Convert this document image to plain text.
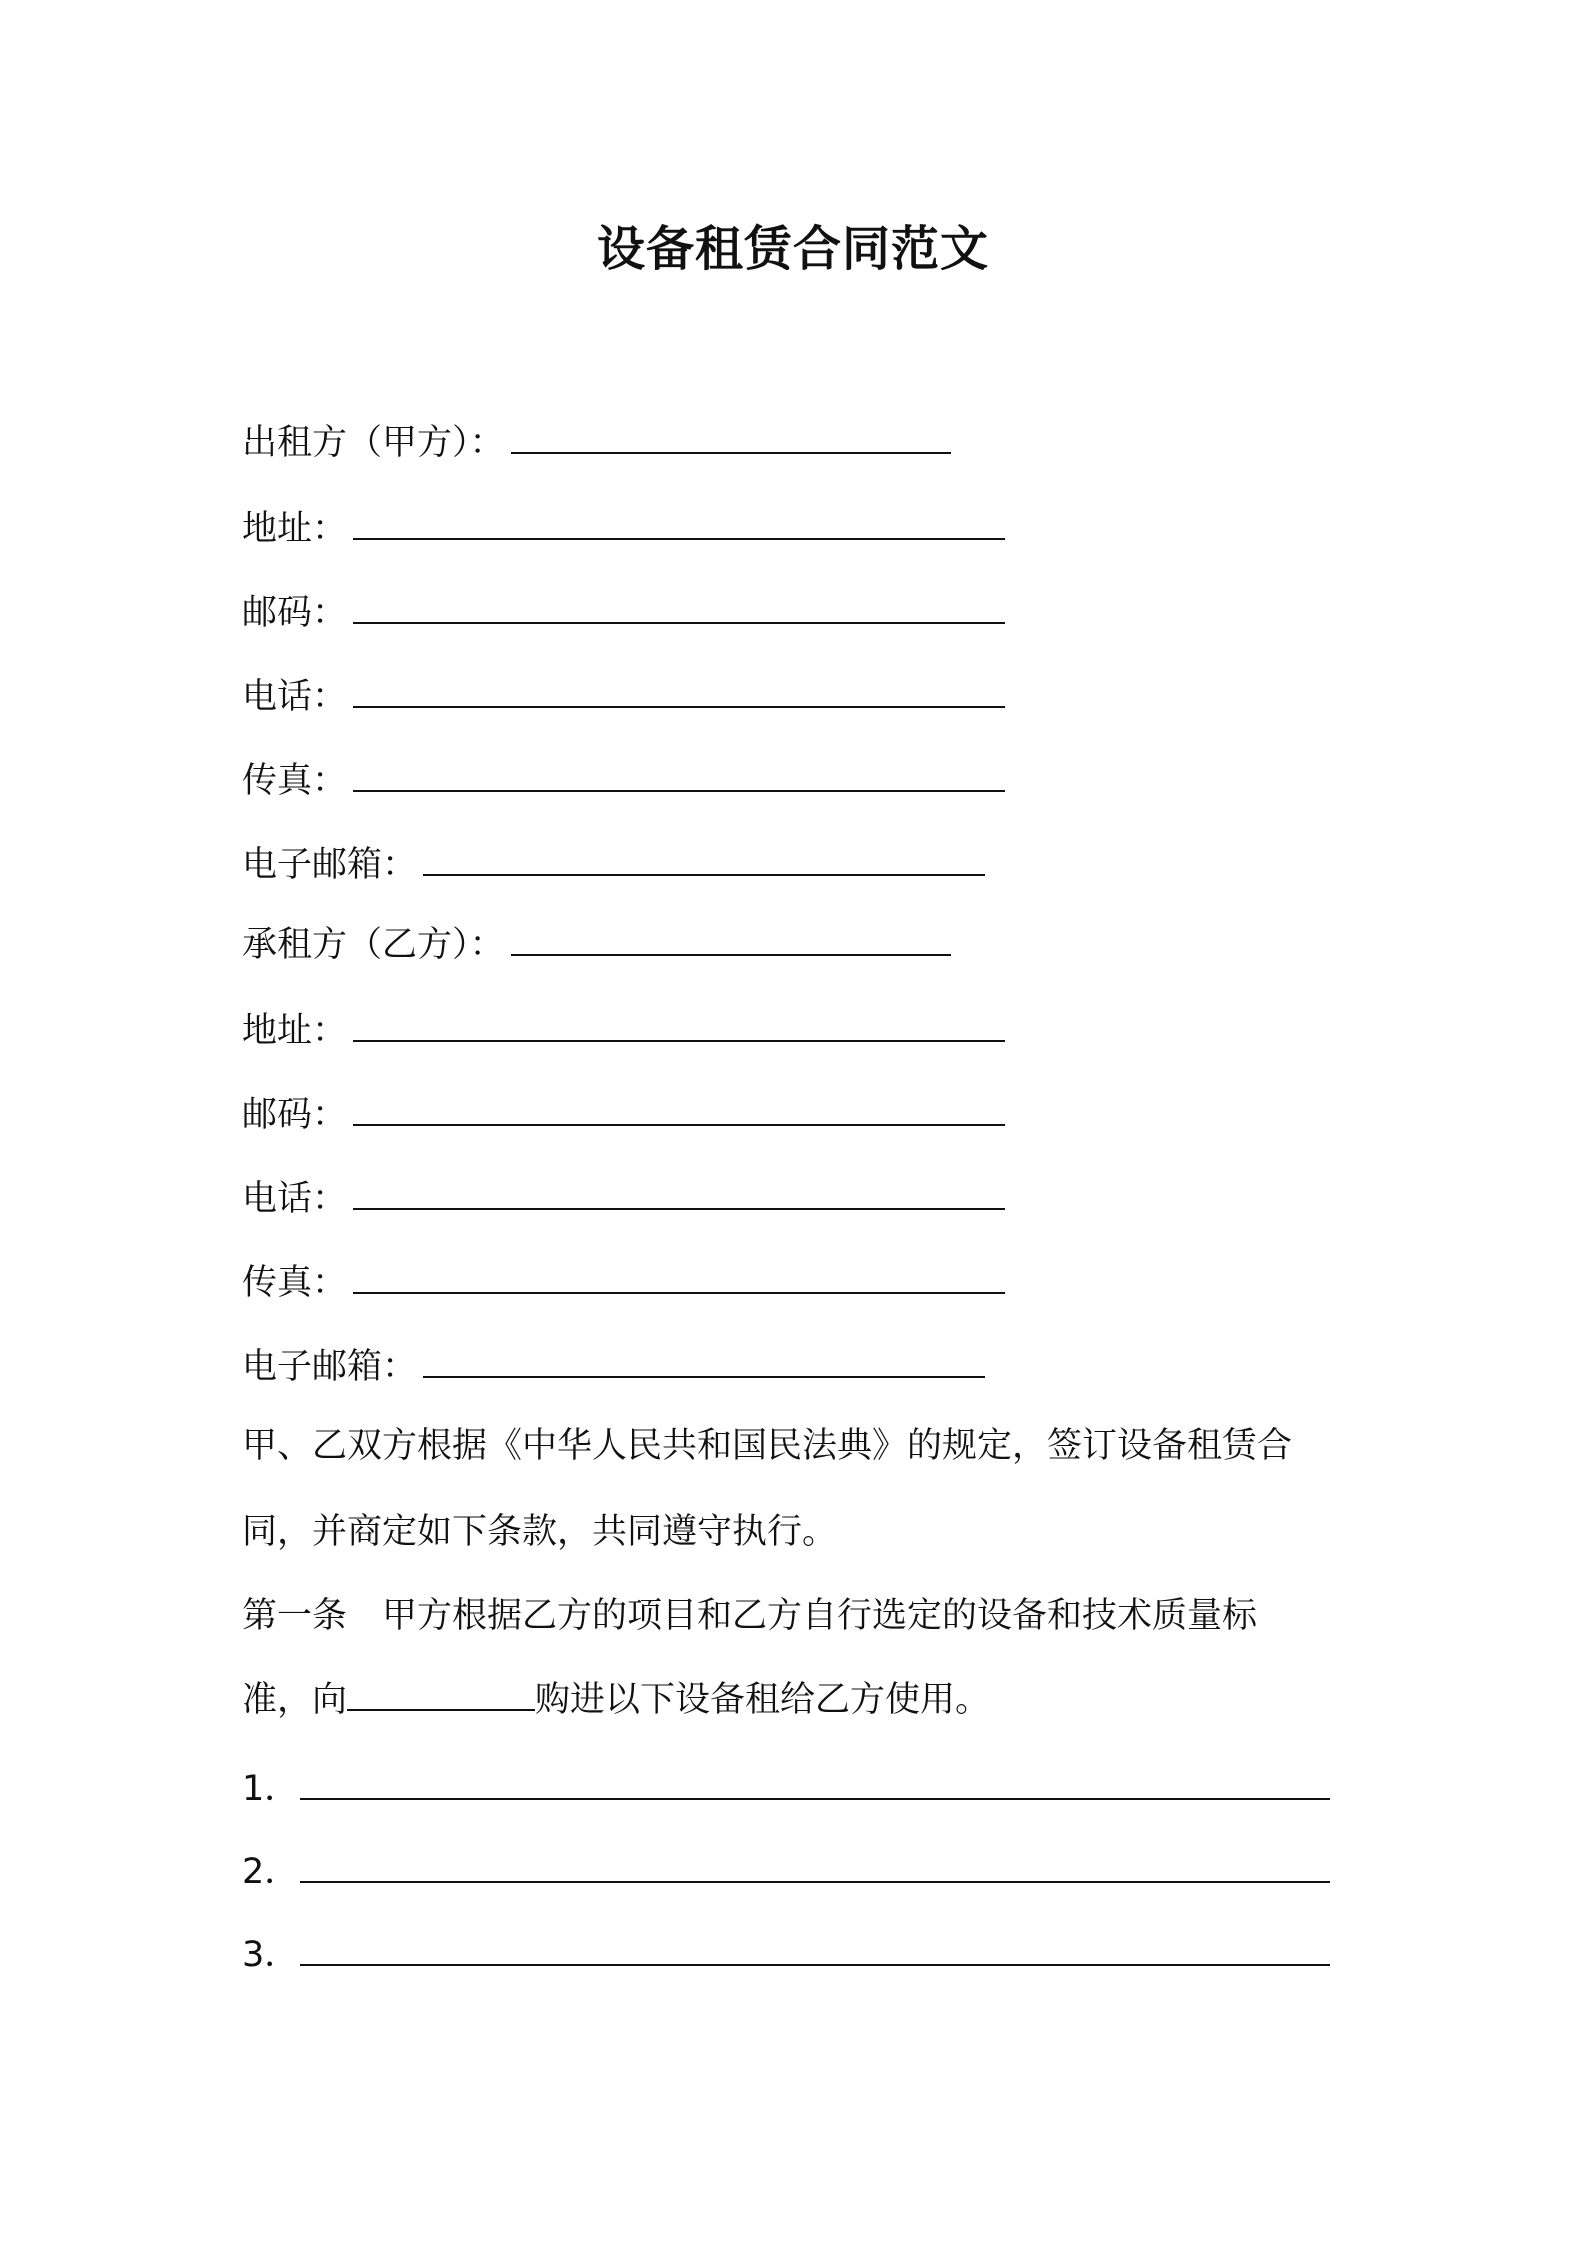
设备租赁合同范文
出租方（甲方）：
地址：
邮码：
电话：
传真：
电子邮箱：
承租方（乙方）：
地址：
邮码：
电话：
传真：
电子邮箱：
甲、乙双方根据《中华人民共和国民法典》的规定，签订设备租赁合
同，并商定如下条款，共同遵守执行。
第一条　甲方根据乙方的项目和乙方自行选定的设备和技术质量标
准，向	购进以下设备租给乙方使用。
1．
2．
3．
